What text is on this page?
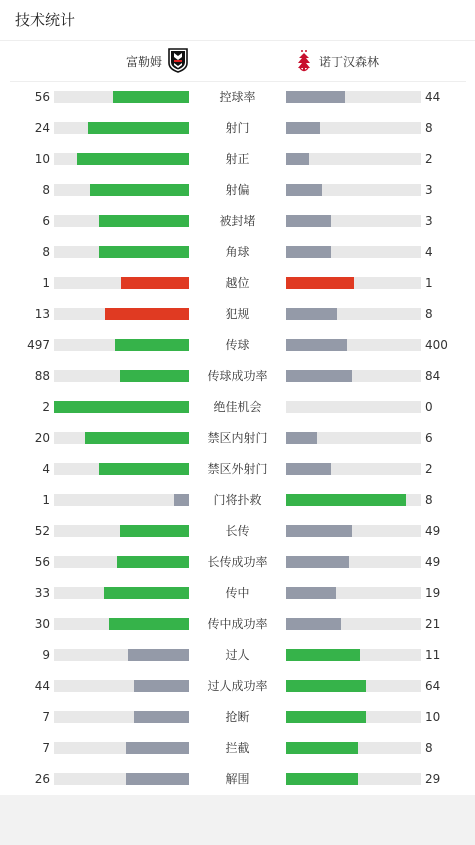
技术统计
富勒姆	诺丁汉森林
56	控球率	44
24	射门	8
10	射正	2
8	射偏	3
6	被封堵	3
8	角球	4
1	越位	1
13	犯规	8
497	传球	400
88	传球成功率	84
2	绝佳机会	0
20	禁区内射门	6
4	禁区外射门	2
1	门将扑救	8
52	长传	49
56	长传成功率	49
33	传中	19
30	传中成功率	21
9	过人	11
44	过人成功率	64
7	抢断	10
7	拦截	8
26	解围	29
